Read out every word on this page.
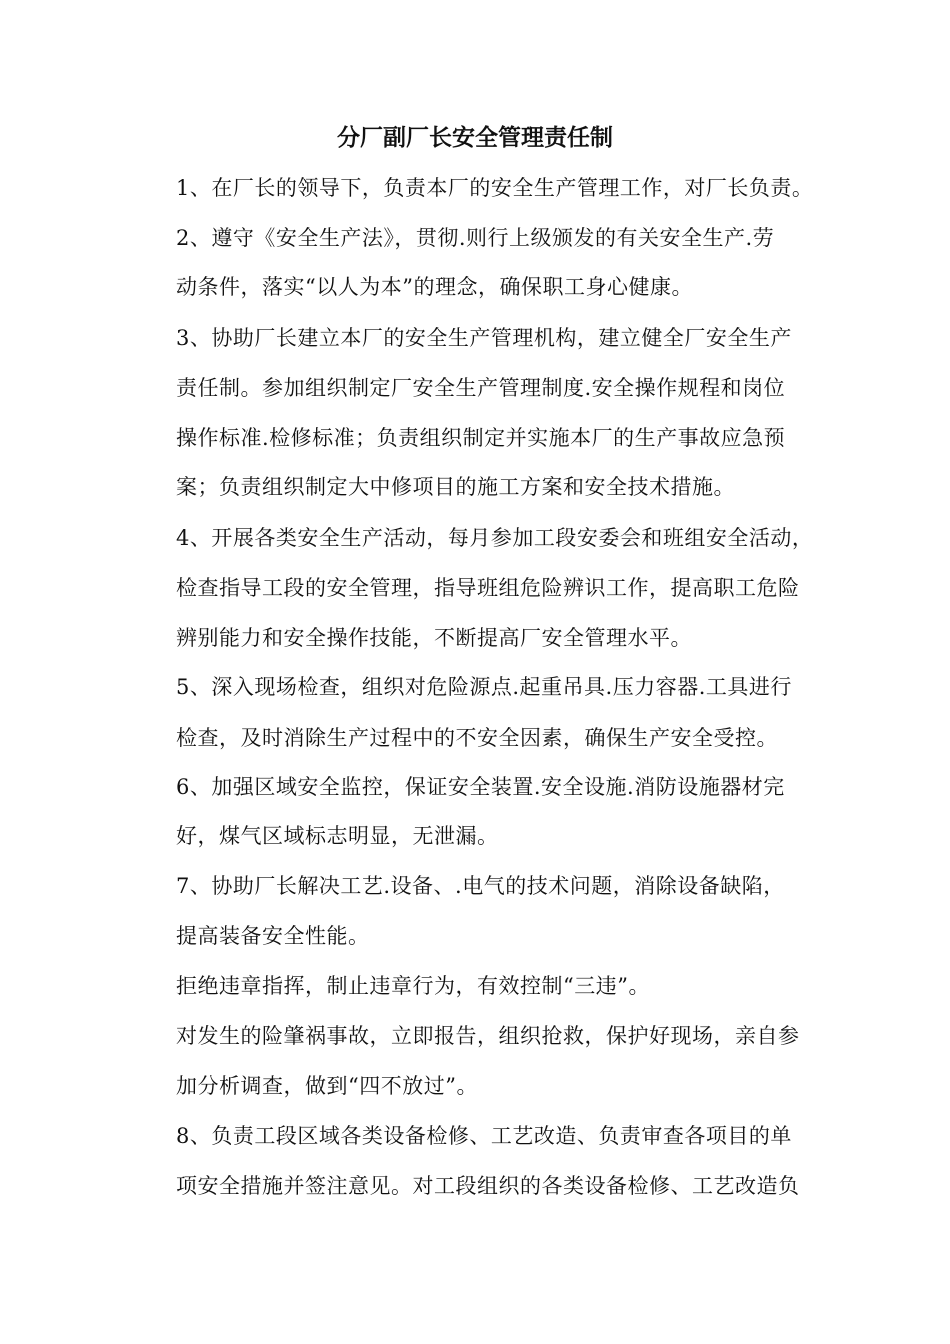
分厂副厂长安全管理责任制

1、在厂长的领导下，负责本厂的安全生产管理工作，对厂长负责。

2、遵守《安全生产法》，贯彻.则行上级颁发的有关安全生产.劳

动条件，落实“以人为本”的理念，确保职工身心健康。

3、协助厂长建立本厂的安全生产管理机构，建立健全厂安全生产

责任制。参加组织制定厂安全生产管理制度.安全操作规程和岗位

操作标准.检修标准；负责组织制定并实施本厂的生产事故应急预

案；负责组织制定大中修项目的施工方案和安全技术措施。

4、开展各类安全生产活动，每月参加工段安委会和班组安全活动，

检查指导工段的安全管理，指导班组危险辨识工作，提高职工危险

辨别能力和安全操作技能，不断提高厂安全管理水平。

5、深入现场检查，组织对危险源点.起重吊具.压力容器.工具进行

检查，及时消除生产过程中的不安全因素，确保生产安全受控。

6、加强区域安全监控，保证安全装置.安全设施.消防设施器材完

好，煤气区域标志明显，无泄漏。

7、协助厂长解决工艺.设备、.电气的技术问题，消除设备缺陷，

提高装备安全性能。

拒绝违章指挥，制止违章行为，有效控制“三违”。

对发生的险肇祸事故，立即报告，组织抢救，保护好现场，亲自参

加分析调查，做到“四不放过”。

8、负责工段区域各类设备检修、工艺改造、负责审查各项目的单

项安全措施并签注意见。对工段组织的各类设备检修、工艺改造负
